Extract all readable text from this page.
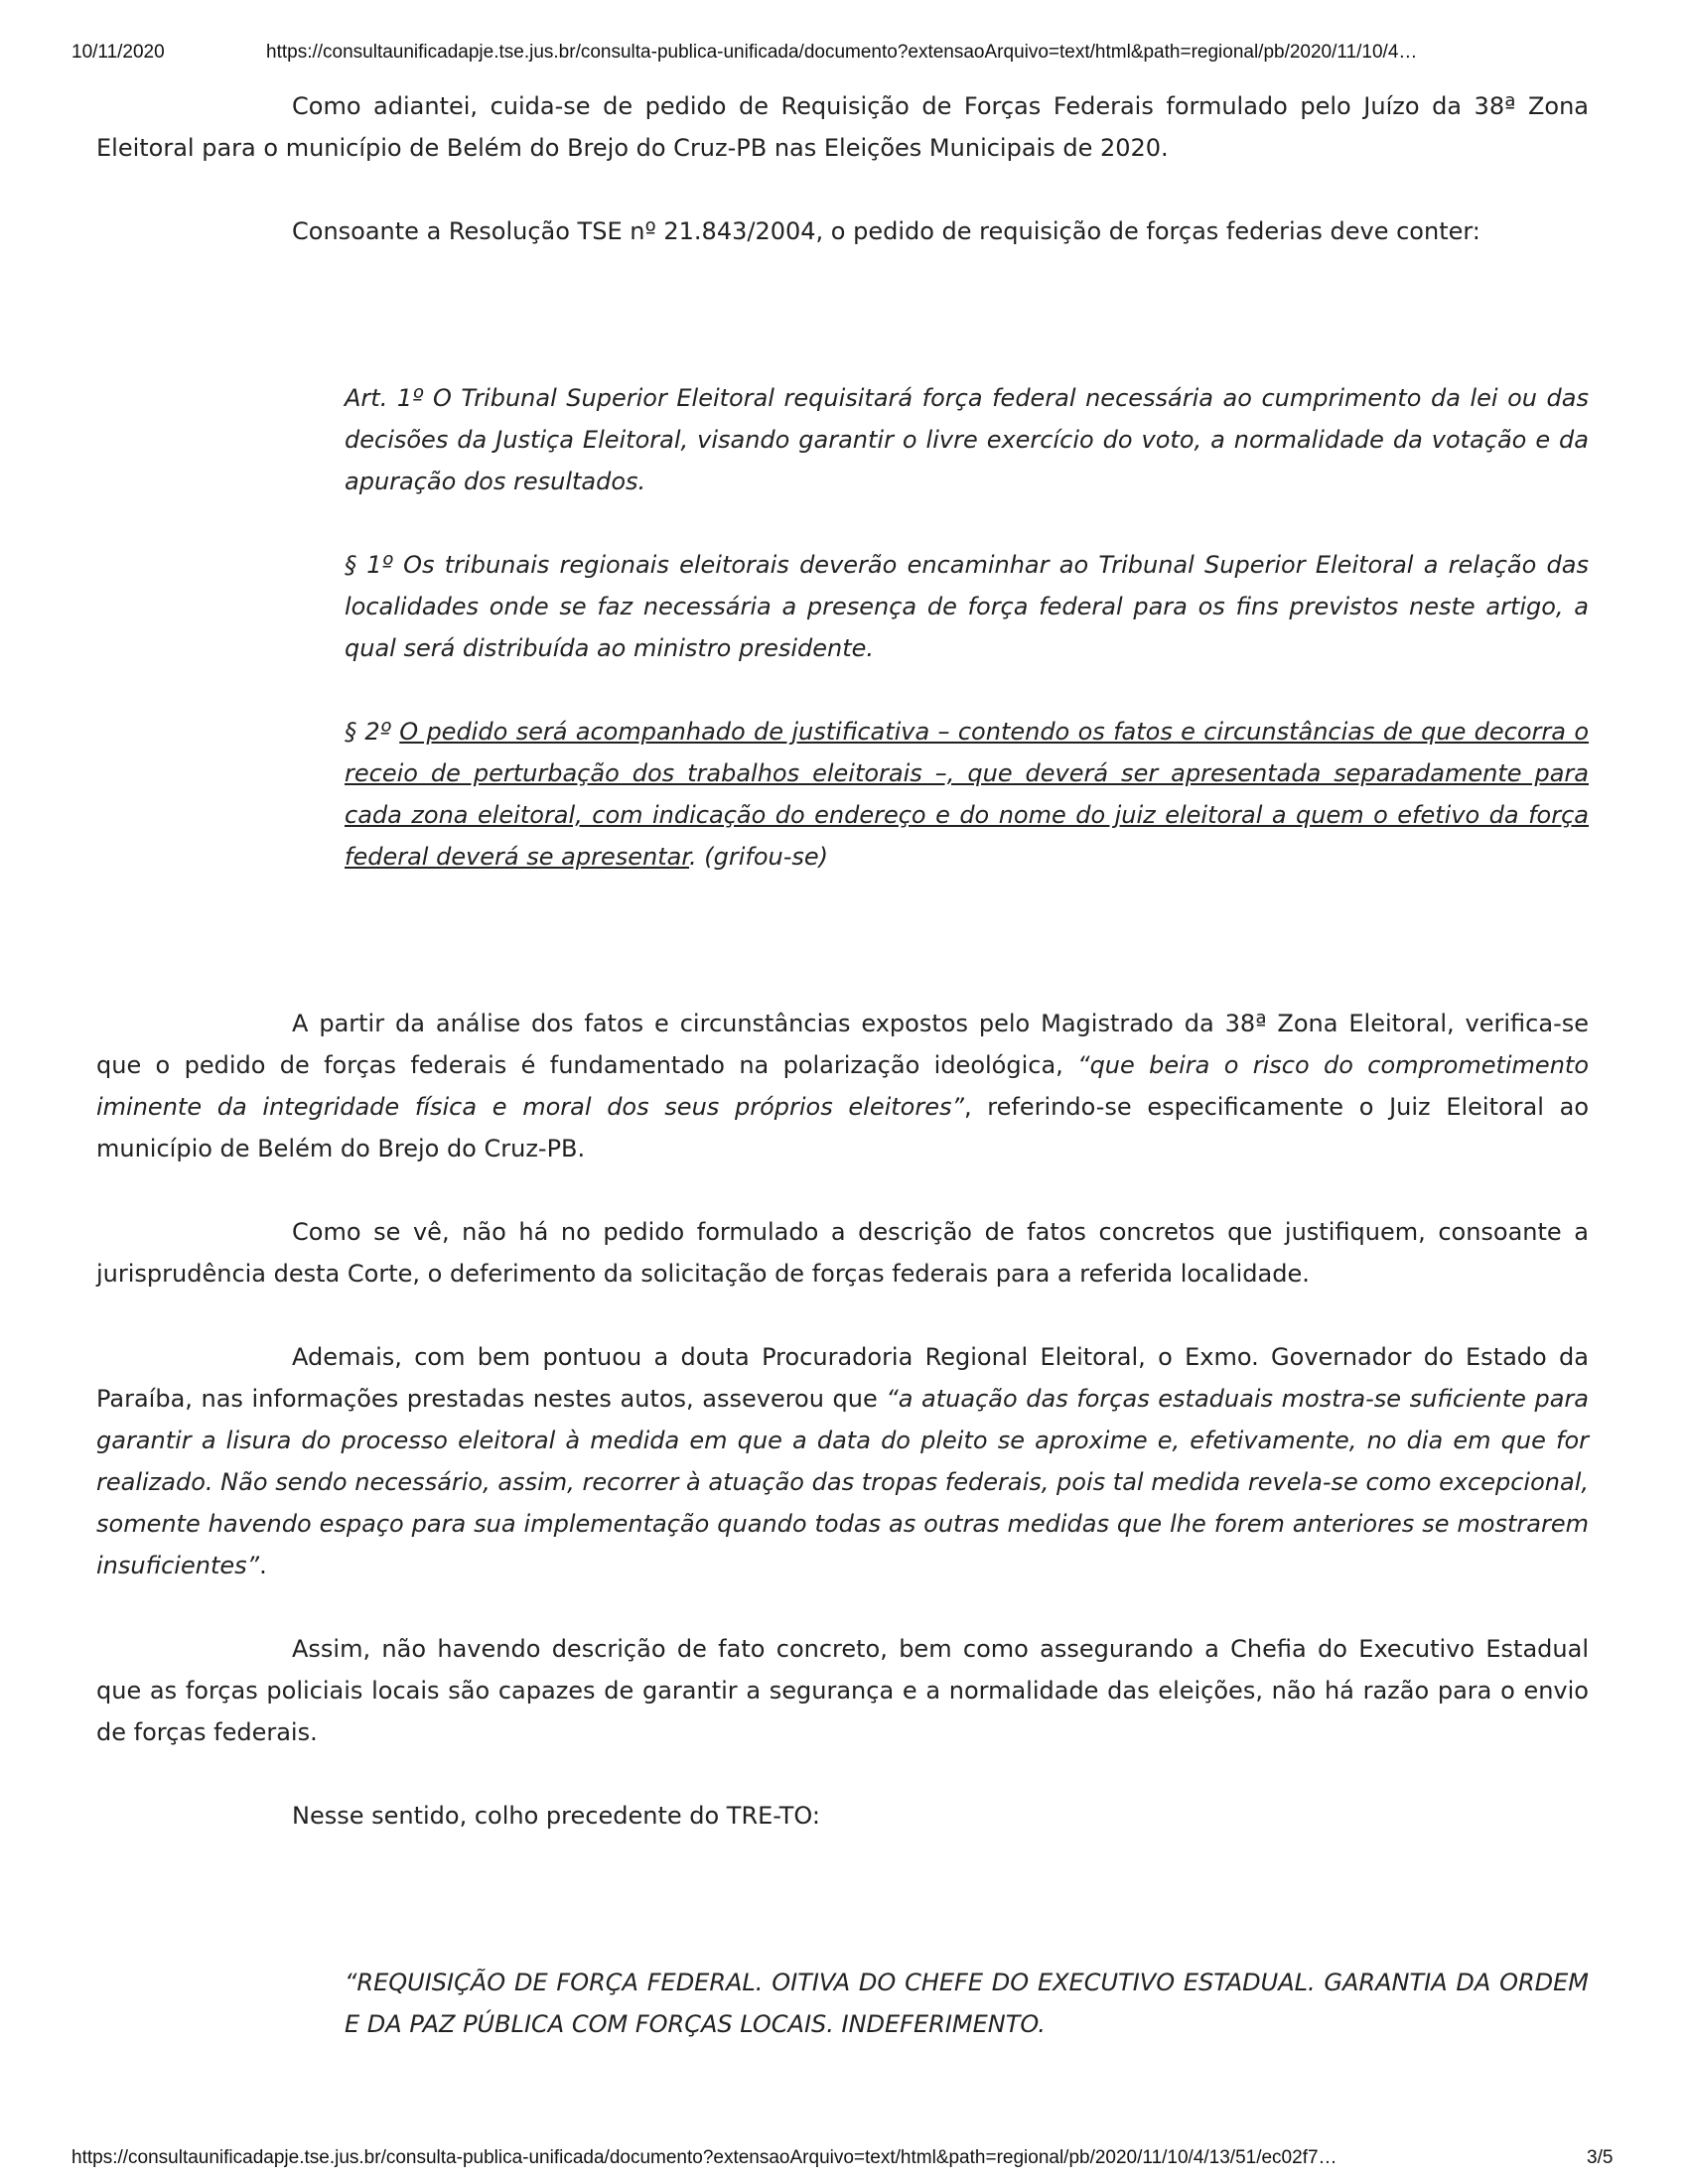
10/11/2020	https://consultaunificadapje.tse.jus.br/consulta-publica-unificada/documento?extensaoArquivo=text/html&path=regional/pb/2020/11/10/4…

Como adiantei, cuida-se de pedido de Requisição de Forças Federais formulado pelo Juízo da 38ª Zona Eleitoral para o município de Belém do Brejo do Cruz-PB nas Eleições Municipais de 2020.

Consoante a Resolução TSE nº 21.843/2004, o pedido de requisição de forças federias deve conter:

Art. 1º O Tribunal Superior Eleitoral requisitará força federal necessária ao cumprimento da lei ou das decisões da Justiça Eleitoral, visando garantir o livre exercício do voto, a normalidade da votação e da apuração dos resultados.

§ 1º Os tribunais regionais eleitorais deverão encaminhar ao Tribunal Superior Eleitoral a relação das localidades onde se faz necessária a presença de força federal para os fins previstos neste artigo, a qual será distribuída ao ministro presidente.

§ 2º O pedido será acompanhado de justificativa – contendo os fatos e circunstâncias de que decorra o receio de perturbação dos trabalhos eleitorais –, que deverá ser apresentada separadamente para cada zona eleitoral, com indicação do endereço e do nome do juiz eleitoral a quem o efetivo da força federal deverá se apresentar. (grifou-se)

A partir da análise dos fatos e circunstâncias expostos pelo Magistrado da 38ª Zona Eleitoral, verifica-se que o pedido de forças federais é fundamentado na polarização ideológica, “que beira o risco do comprometimento iminente da integridade física e moral dos seus próprios eleitores”, referindo-se especificamente o Juiz Eleitoral ao município de Belém do Brejo do Cruz-PB.

Como se vê, não há no pedido formulado a descrição de fatos concretos que justifiquem, consoante a jurisprudência desta Corte, o deferimento da solicitação de forças federais para a referida localidade.

Ademais, com bem pontuou a douta Procuradoria Regional Eleitoral, o Exmo. Governador do Estado da Paraíba, nas informações prestadas nestes autos, asseverou que “a atuação das forças estaduais mostra-se suficiente para garantir a lisura do processo eleitoral à medida em que a data do pleito se aproxime e, efetivamente, no dia em que for realizado. Não sendo necessário, assim, recorrer à atuação das tropas federais, pois tal medida revela-se como excepcional, somente havendo espaço para sua implementação quando todas as outras medidas que lhe forem anteriores se mostrarem insuficientes”.

Assim, não havendo descrição de fato concreto, bem como assegurando a Chefia do Executivo Estadual que as forças policiais locais são capazes de garantir a segurança e a normalidade das eleições, não há razão para o envio de forças federais.

Nesse sentido, colho precedente do TRE-TO:

“REQUISIÇÃO DE FORÇA FEDERAL. OITIVA DO CHEFE DO EXECUTIVO ESTADUAL. GARANTIA DA ORDEM E DA PAZ PÚBLICA COM FORÇAS LOCAIS. INDEFERIMENTO.

https://consultaunificadapje.tse.jus.br/consulta-publica-unificada/documento?extensaoArquivo=text/html&path=regional/pb/2020/11/10/4/13/51/ec02f7…	3/5
